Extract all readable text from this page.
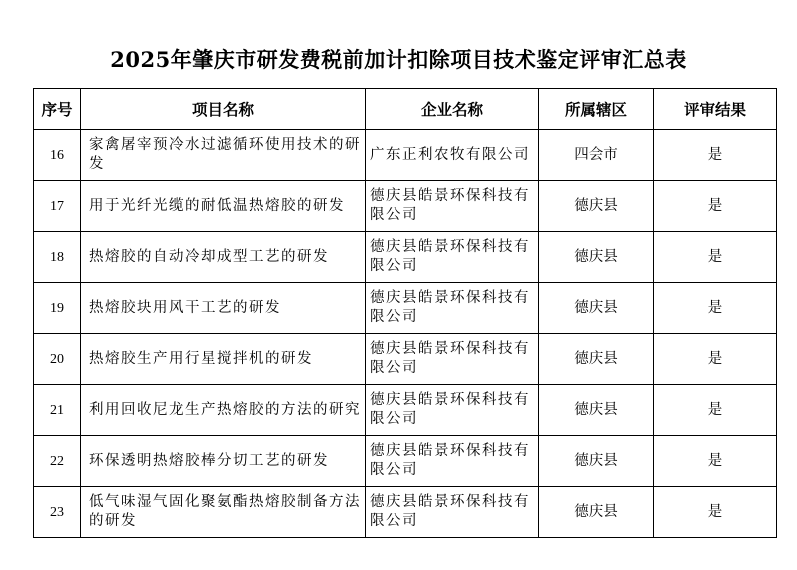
2025年肇庆市研发费税前加计扣除项目技术鉴定评审汇总表
序号	项目名称	企业名称	所属辖区	评审结果
16	家禽屠宰预冷水过滤循环使用技术的研发	广东正利农牧有限公司	四会市	是
17	用于光纤光缆的耐低温热熔胶的研发	德庆县皓景环保科技有限公司	德庆县	是
18	热熔胶的自动冷却成型工艺的研发	德庆县皓景环保科技有限公司	德庆县	是
19	热熔胶块用风干工艺的研发	德庆县皓景环保科技有限公司	德庆县	是
20	热熔胶生产用行星搅拌机的研发	德庆县皓景环保科技有限公司	德庆县	是
21	利用回收尼龙生产热熔胶的方法的研究	德庆县皓景环保科技有限公司	德庆县	是
22	环保透明热熔胶棒分切工艺的研发	德庆县皓景环保科技有限公司	德庆县	是
23	低气味湿气固化聚氨酯热熔胶制备方法的研发	德庆县皓景环保科技有限公司	德庆县	是
